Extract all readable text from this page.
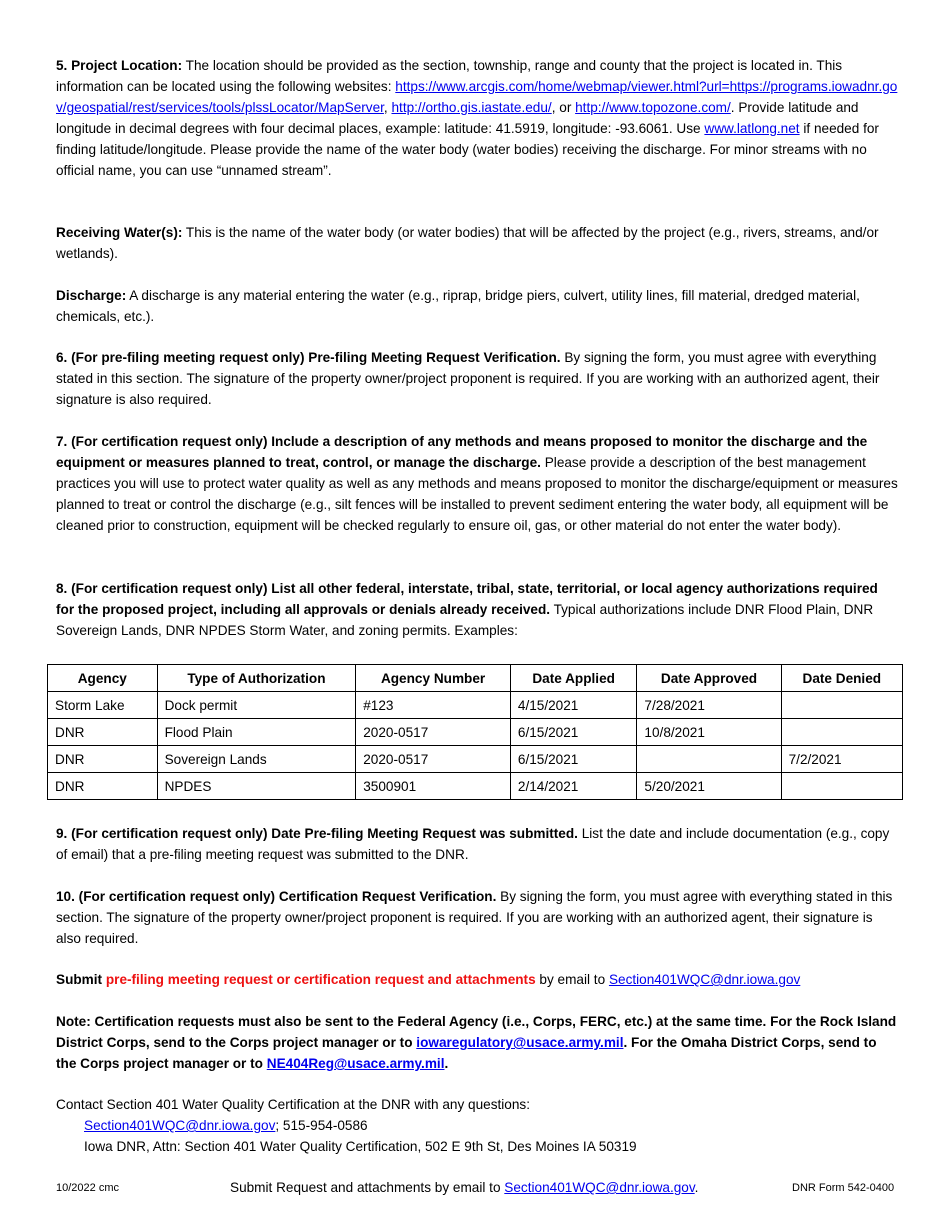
5. Project Location: The location should be provided as the section, township, range and county that the project is located in. This information can be located using the following websites: https://www.arcgis.com/home/webmap/viewer.html?url=https://programs.iowadnr.gov/geospatial/rest/services/tools/plssLocator/MapServer, http://ortho.gis.iastate.edu/, or http://www.topozone.com/. Provide latitude and longitude in decimal degrees with four decimal places, example: latitude: 41.5919, longitude: -93.6061. Use www.latlong.net if needed for finding latitude/longitude. Please provide the name of the water body (water bodies) receiving the discharge. For minor streams with no official name, you can use “unnamed stream”.
Receiving Water(s): This is the name of the water body (or water bodies) that will be affected by the project (e.g., rivers, streams, and/or wetlands).
Discharge: A discharge is any material entering the water (e.g., riprap, bridge piers, culvert, utility lines, fill material, dredged material, chemicals, etc.).
6. (For pre-filing meeting request only) Pre-filing Meeting Request Verification. By signing the form, you must agree with everything stated in this section. The signature of the property owner/project proponent is required. If you are working with an authorized agent, their signature is also required.
7. (For certification request only) Include a description of any methods and means proposed to monitor the discharge and the equipment or measures planned to treat, control, or manage the discharge. Please provide a description of the best management practices you will use to protect water quality as well as any methods and means proposed to monitor the discharge/equipment or measures planned to treat or control the discharge (e.g., silt fences will be installed to prevent sediment entering the water body, all equipment will be cleaned prior to construction, equipment will be checked regularly to ensure oil, gas, or other material do not enter the water body).
8. (For certification request only) List all other federal, interstate, tribal, state, territorial, or local agency authorizations required for the proposed project, including all approvals or denials already received. Typical authorizations include DNR Flood Plain, DNR Sovereign Lands, DNR NPDES Storm Water, and zoning permits. Examples:
Agency	Type of Authorization	Agency Number	Date Applied	Date Approved	Date Denied
Storm Lake	Dock permit	#123	4/15/2021	7/28/2021	
DNR	Flood Plain	2020-0517	6/15/2021	10/8/2021	
DNR	Sovereign Lands	2020-0517	6/15/2021		7/2/2021
DNR	NPDES	3500901	2/14/2021	5/20/2021	
9. (For certification request only) Date Pre-filing Meeting Request was submitted. List the date and include documentation (e.g., copy of email) that a pre-filing meeting request was submitted to the DNR.
10. (For certification request only) Certification Request Verification. By signing the form, you must agree with everything stated in this section. The signature of the property owner/project proponent is required. If you are working with an authorized agent, their signature is also required.
Submit pre-filing meeting request or certification request and attachments by email to Section401WQC@dnr.iowa.gov
Note: Certification requests must also be sent to the Federal Agency (i.e., Corps, FERC, etc.) at the same time. For the Rock Island District Corps, send to the Corps project manager or to iowaregulatory@usace.army.mil. For the Omaha District Corps, send to the Corps project manager or to NE404Reg@usace.army.mil.
Contact Section 401 Water Quality Certification at the DNR with any questions:
Section401WQC@dnr.iowa.gov; 515-954-0586
Iowa DNR, Attn: Section 401 Water Quality Certification, 502 E 9th St, Des Moines IA 50319
10/2022 cmc	Submit Request and attachments by email to Section401WQC@dnr.iowa.gov.	DNR Form 542-0400
